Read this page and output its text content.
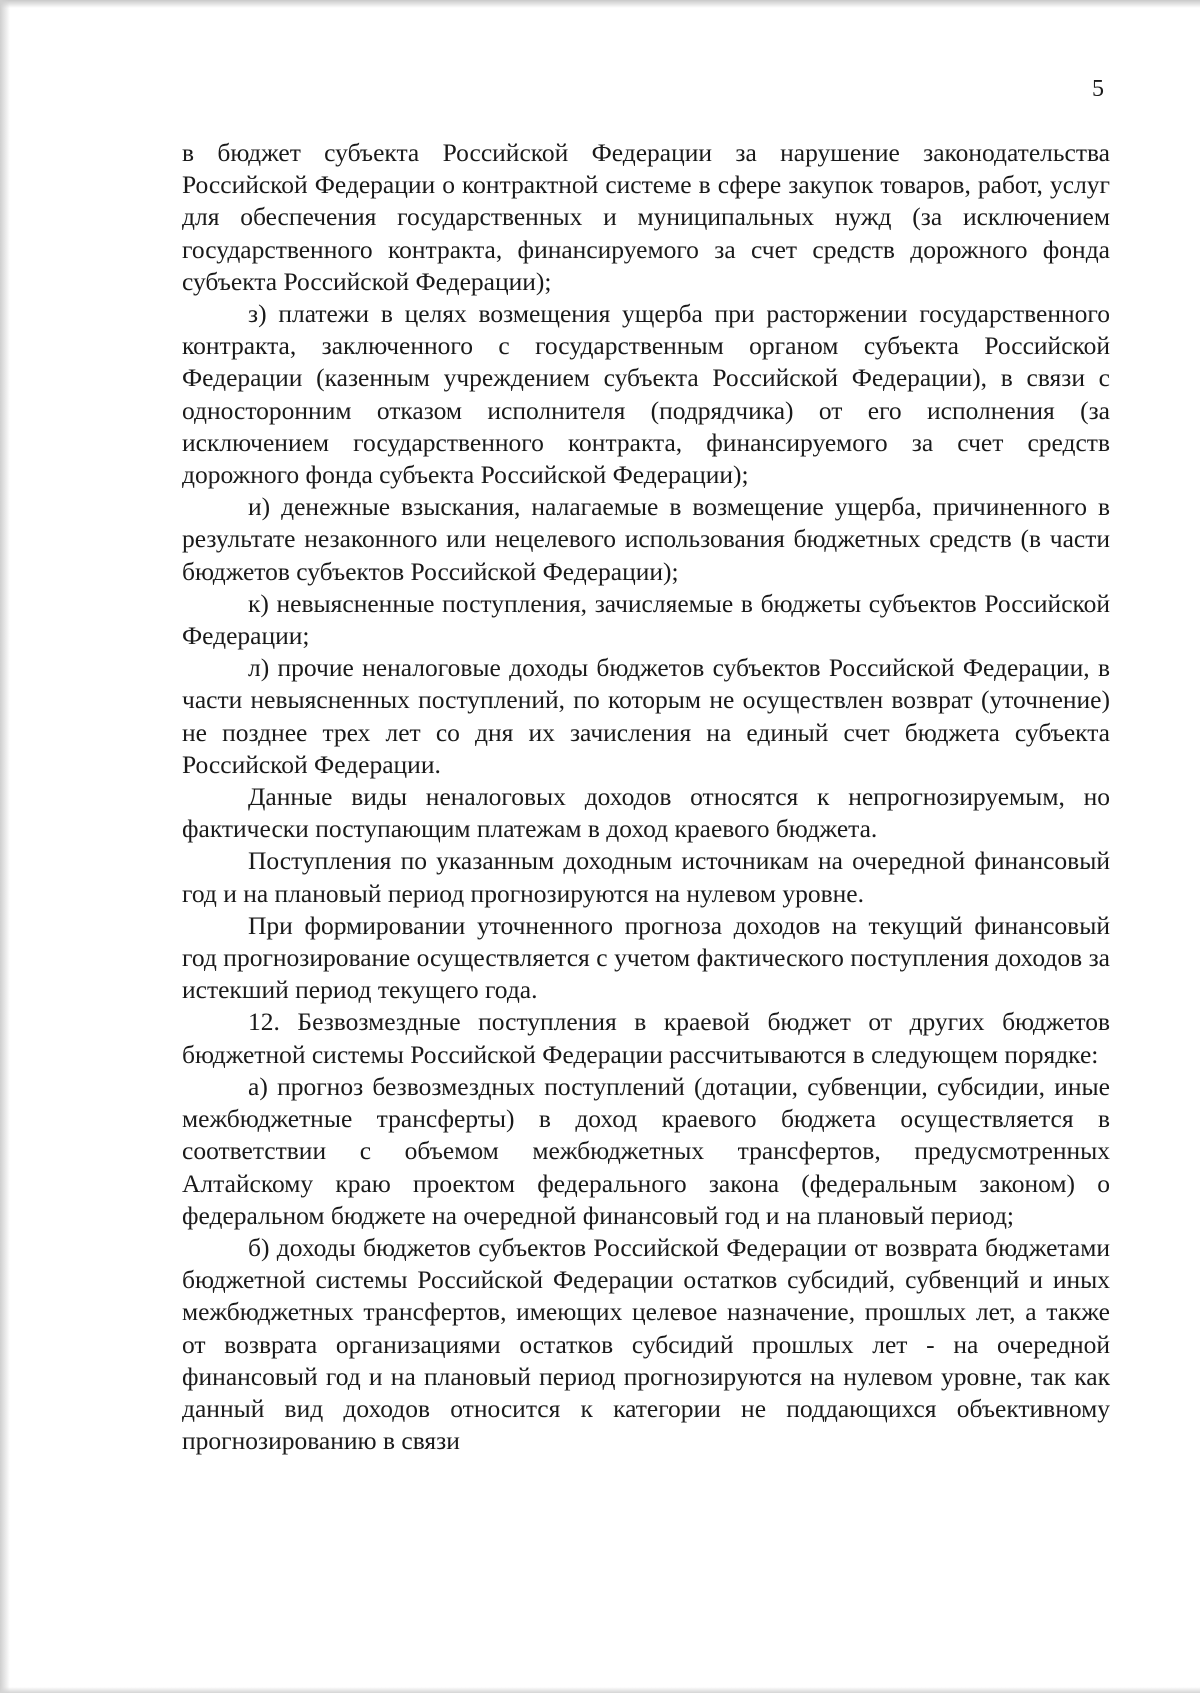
5

в бюджет субъекта Российской Федерации за нарушение законодательства Российской Федерации о контрактной системе в сфере закупок товаров, работ, услуг для обеспечения государственных и муниципальных нужд (за исключением государственного контракта, финансируемого за счет средств дорожного фонда субъекта Российской Федерации);

з) платежи в целях возмещения ущерба при расторжении государственного контракта, заключенного с государственным органом субъекта Российской Федерации (казенным учреждением субъекта Российской Федерации), в связи с односторонним отказом исполнителя (подрядчика) от его исполнения (за исключением государственного контракта, финансируемого за счет средств дорожного фонда субъекта Российской Федерации);

и) денежные взыскания, налагаемые в возмещение ущерба, причиненного в результате незаконного или нецелевого использования бюджетных средств (в части бюджетов субъектов Российской Федерации);

к) невыясненные поступления, зачисляемые в бюджеты субъектов Российской Федерации;

л) прочие неналоговые доходы бюджетов субъектов Российской Федерации, в части невыясненных поступлений, по которым не осуществлен возврат (уточнение) не позднее трех лет со дня их зачисления на единый счет бюджета субъекта Российской Федерации.

Данные виды неналоговых доходов относятся к непрогнозируемым, но фактически поступающим платежам в доход краевого бюджета.

Поступления по указанным доходным источникам на очередной финансовый год и на плановый период прогнозируются на нулевом уровне.

При формировании уточненного прогноза доходов на текущий финансовый год прогнозирование осуществляется с учетом фактического поступления доходов за истекший период текущего года.

12. Безвозмездные поступления в краевой бюджет от других бюджетов бюджетной системы Российской Федерации рассчитываются в следующем порядке:

а) прогноз безвозмездных поступлений (дотации, субвенции, субсидии, иные межбюджетные трансферты) в доход краевого бюджета осуществляется в соответствии с объемом межбюджетных трансфертов, предусмотренных Алтайскому краю проектом федерального закона (федеральным законом) о федеральном бюджете на очередной финансовый год и на плановый период;

б) доходы бюджетов субъектов Российской Федерации от возврата бюджетами бюджетной системы Российской Федерации остатков субсидий, субвенций и иных межбюджетных трансфертов, имеющих целевое назначение, прошлых лет, а также от возврата организациями остатков субсидий прошлых лет - на очередной финансовый год и на плановый период прогнозируются на нулевом уровне, так как данный вид доходов относится к категории не поддающихся объективному прогнозированию в связи
